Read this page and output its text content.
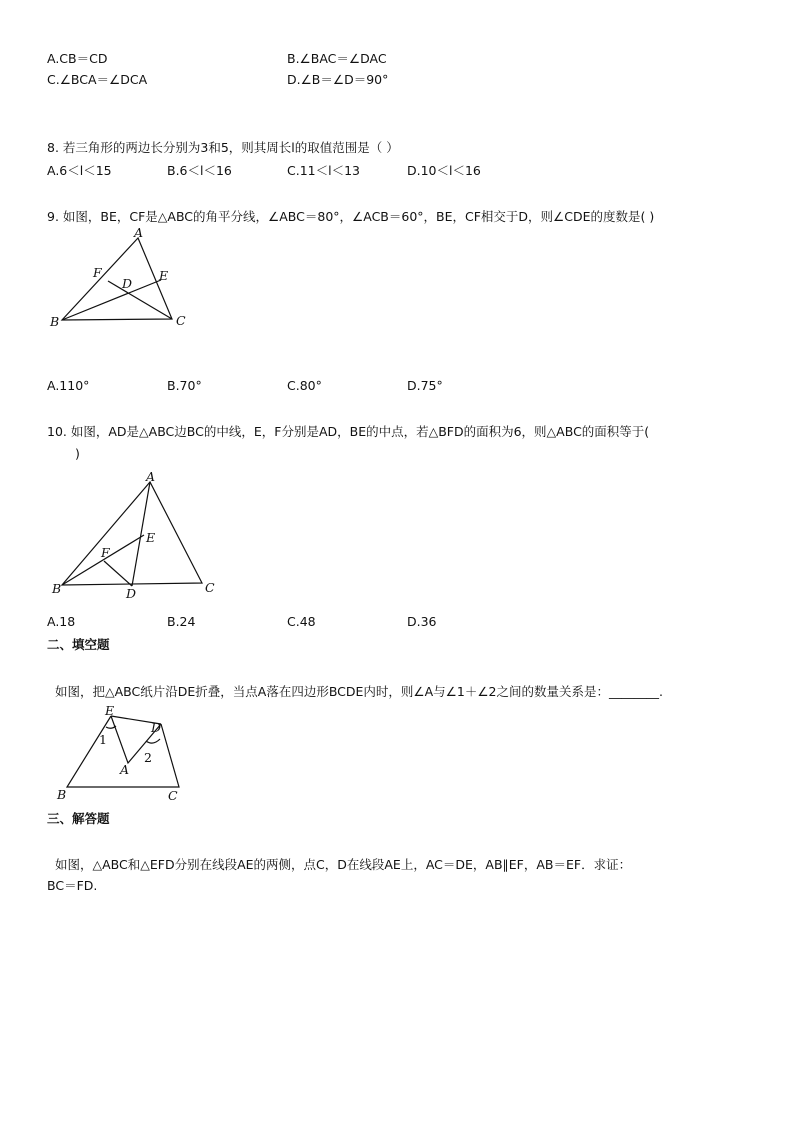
A.CB＝CD	B.∠BAC＝∠DAC
C.∠BCA＝∠DCA	D.∠B＝∠D＝90°
8. 若三角形的两边长分别为3和5，则其周长l的取值范围是（ ）
A.6＜l＜15	B.6＜l＜16	C.11＜l＜13	D.10＜l＜16
9. 如图，BE，CF是△ABC的角平分线，∠ABC＝80°，∠ACB＝60°，BE，CF相交于D，则∠CDE的度数是( )
A
B	C
D
E
F
A.110°	B.70°	C.80°	D.75°
10. 如图，AD是△ABC边BC的中线，E，F分别是AD，BE的中点，若△BFD的面积为6，则△ABC的面积等于(
)
A
B	C
D
E
F
A.18	B.24	C.48	D.36
二、填空题
如图，把△ABC纸片沿DE折叠，当点A落在四边形BCDE内时，则∠A与∠1＋∠2之间的数量关系是：________.
E
D
A
B	C
1
2
三、解答题
如图，△ABC和△EFD分别在线段AE的两侧，点C，D在线段AE上，AC＝DE，AB∥EF，AB＝EF．求证：
BC＝FD.
